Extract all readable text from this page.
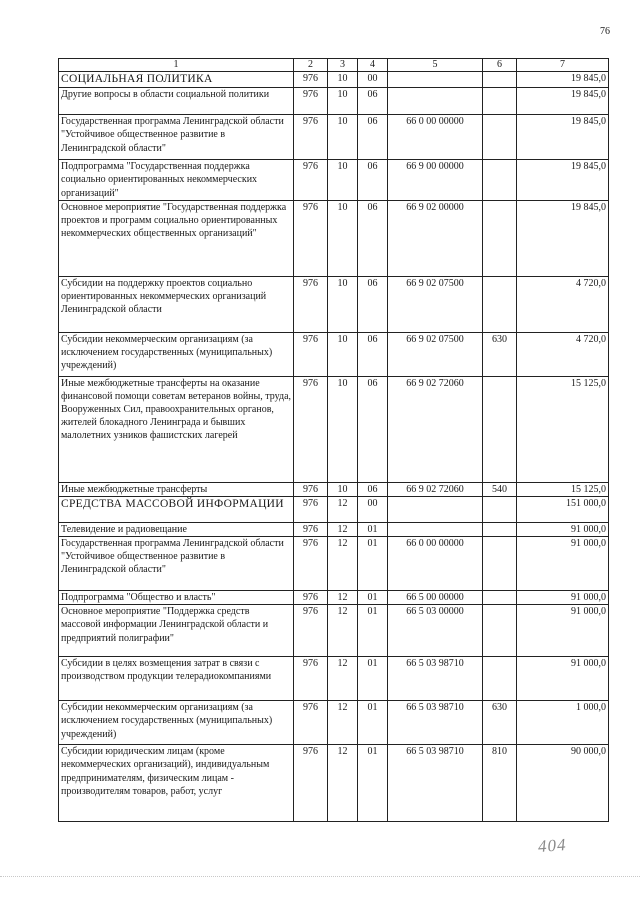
76
1	2	3	4	5	6	7
СОЦИАЛЬНАЯ ПОЛИТИКА	976	10	00			19 845,0
Другие вопросы в области социальной политики	976	10	06			19 845,0
Государственная программа Ленинградской области "Устойчивое общественное развитие в Ленинградской области"	976	10	06	66 0 00 00000		19 845,0
Подпрограмма "Государственная поддержка социально ориентированных некоммерческих организаций"	976	10	06	66 9 00 00000		19 845,0
Основное мероприятие "Государственная поддержка проектов и программ социально ориентированных некоммерческих общественных организаций"	976	10	06	66 9 02 00000		19 845,0
Субсидии на поддержку проектов социально ориентированных некоммерческих организаций Ленинградской области	976	10	06	66 9 02 07500		4 720,0
Субсидии некоммерческим организациям (за исключением государственных (муниципальных) учреждений)	976	10	06	66 9 02 07500	630	4 720,0
Иные межбюджетные трансферты на оказание финансовой помощи советам ветеранов войны, труда, Вооруженных Сил, правоохранительных органов, жителей блокадного Ленинграда и бывших малолетних узников фашистских лагерей	976	10	06	66 9 02 72060		15 125,0
Иные межбюджетные трансферты	976	10	06	66 9 02 72060	540	15 125,0
СРЕДСТВА МАССОВОЙ ИНФОРМАЦИИ	976	12	00			151 000,0
Телевидение и радиовещание	976	12	01			91 000,0
Государственная программа Ленинградской области "Устойчивое общественное развитие в Ленинградской области"	976	12	01	66 0 00 00000		91 000,0
Подпрограмма "Общество и власть"	976	12	01	66 5 00 00000		91 000,0
Основное мероприятие "Поддержка средств массовой информации Ленинградской области и предприятий полиграфии"	976	12	01	66 5 03 00000		91 000,0
Субсидии в целях возмещения затрат в связи с производством продукции телерадиокомпаниями	976	12	01	66 5 03 98710		91 000,0
Субсидии некоммерческим организациям (за исключением государственных (муниципальных) учреждений)	976	12	01	66 5 03 98710	630	1 000,0
Субсидии юридическим лицам (кроме некоммерческих организаций), индивидуальным предпринимателям, физическим лицам - производителям товаров, работ, услуг	976	12	01	66 5 03 98710	810	90 000,0
404
